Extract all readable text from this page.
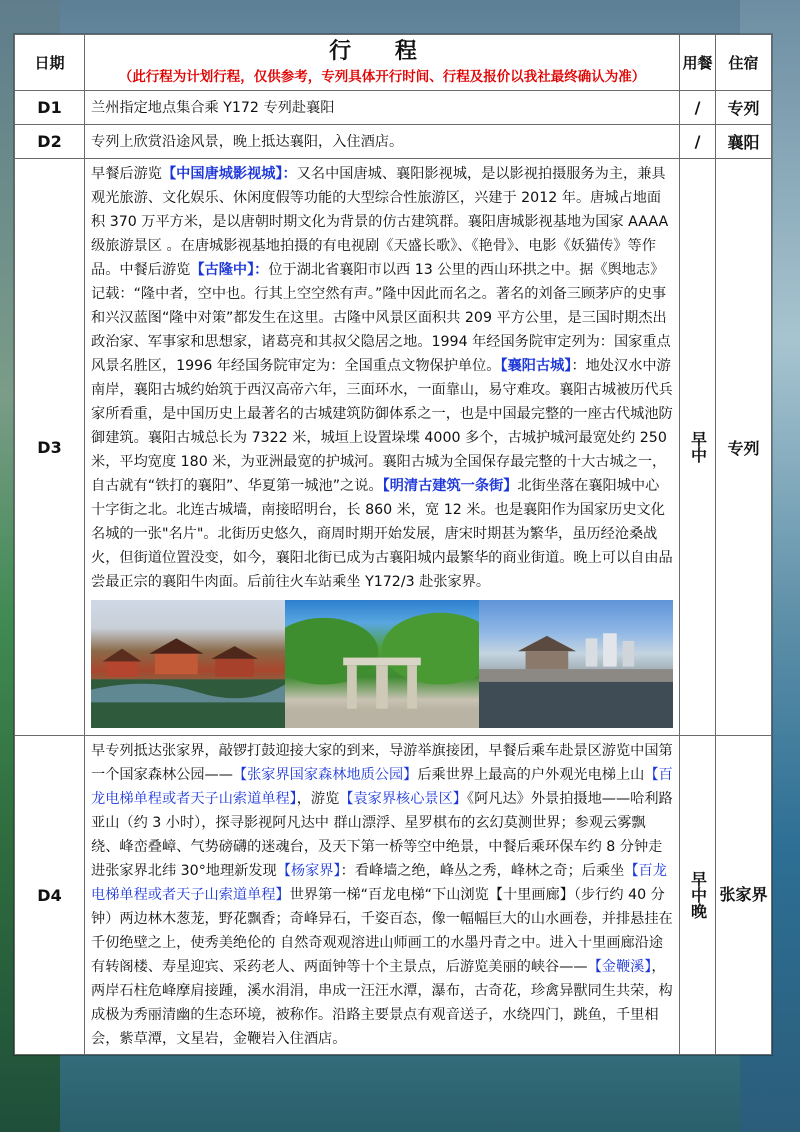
日期	行 程
（此行程为计划行程，仅供参考，专列具体开行时间、行程及报价以我社最终确认为准）	用餐	住宿
D1	兰州指定地点集合乘 Y172 专列赴襄阳	/	专列
D2	专列上欣赏沿途风景，晚上抵达襄阳，入住酒店。	/	襄阳
D3	早餐后游览【中国唐城影视城】：又名中国唐城、襄阳影视城，是以影视拍摄服务为主，兼具观光旅游、文化娱乐、休闲度假等功能的大型综合性旅游区，兴建于 2012 年。唐城占地面积 370 万平方米，是以唐朝时期文化为背景的仿古建筑群。襄阳唐城影视基地为国家 AAAA 级旅游景区 。在唐城影视基地拍摄的有电视剧《天盛长歌》、《艳骨》、电影《妖猫传》等作品。中餐后游览【古隆中】：位于湖北省襄阳市以西 13 公里的西山环拱之中。据《舆地志》记载：“隆中者，空中也。行其上空空然有声。”隆中因此而名之。著名的刘备三顾茅庐的史事和兴汉蓝图“隆中对策”都发生在这里。古隆中风景区面积共 209 平方公里，是三国时期杰出政治家、军事家和思想家，诸葛亮和其叔父隐居之地。1994 年经国务院审定列为：国家重点风景名胜区，1996 年经国务院审定为：全国重点文物保护单位。【襄阳古城】：地处汉水中游南岸，襄阳古城约始筑于西汉高帝六年，三面环水，一面靠山，易守难攻。襄阳古城被历代兵家所看重，是中国历史上最著名的古城建筑防御体系之一，也是中国最完整的一座古代城池防御建筑。襄阳古城总长为 7322 米，城垣上设置垛堞 4000 多个，古城护城河最宽处约 250 米，平均宽度 180 米，为亚洲最宽的护城河。襄阳古城为全国保存最完整的十大古城之一，自古就有“铁打的襄阳”、华夏第一城池”之说。【明清古建筑一条街】北街坐落在襄阳城中心十字街之北。北连古城墙，南接昭明台，长 860 米，宽 12 米。也是襄阳作为国家历史文化名城的一张"名片"。北街历史悠久，商周时期开始发展，唐宋时期甚为繁华，虽历经沧桑战火，但街道位置没变，如今，襄阳北街已成为古襄阳城内最繁华的商业街道。晚上可以自由品尝最正宗的襄阳牛肉面。后前往火车站乘坐 Y172/3 赴张家界。	早中	专列
D4	早专列抵达张家界，敲锣打鼓迎接大家的到来，导游举旗接团，早餐后乘车赴景区游览中国第一个国家森林公园——【张家界国家森林地质公园】后乘世界上最高的户外观光电梯上山【百龙电梯单程或者天子山索道单程】，游览【袁家界核心景区】《阿凡达》外景拍摄地——哈利路亚山（约 3 小时），探寻影视阿凡达中 群山漂浮、星罗棋布的玄幻莫测世界；参观云雾飘绕、峰峦叠嶂、气势磅礴的迷魂台，及天下第一桥等空中绝景，中餐后乘环保车约 8 分钟走进张家界北纬 30°地理新发现【杨家界】：看峰墙之绝，峰丛之秀，峰林之奇；后乘坐【百龙电梯单程或者天子山索道单程】世界第一梯“百龙电梯“下山浏览【十里画廊】（步行约 40 分钟）两边林木葱茏，野花飘香；奇峰异石，千姿百态，像一幅幅巨大的山水画卷，并排悬挂在千仞绝壁之上，使秀美绝伦的 自然奇观观溶进山师画工的水墨丹青之中。进入十里画廊沿途有转阁楼、寿星迎宾、采药老人、两面钟等十个主景点，后游览美丽的峡谷——【金鞭溪】，两岸石柱危峰摩肩接踵，溪水涓涓，串成一汪汪水潭，瀑布，古奇花，珍禽异獸同生共荣，构成极为秀丽清幽的生态环境，被称作。沿路主要景点有观音送子，水绕四门，跳鱼，千里相会，紫草潭，文星岩，金鞭岩入住酒店。	早中晚	张家界
